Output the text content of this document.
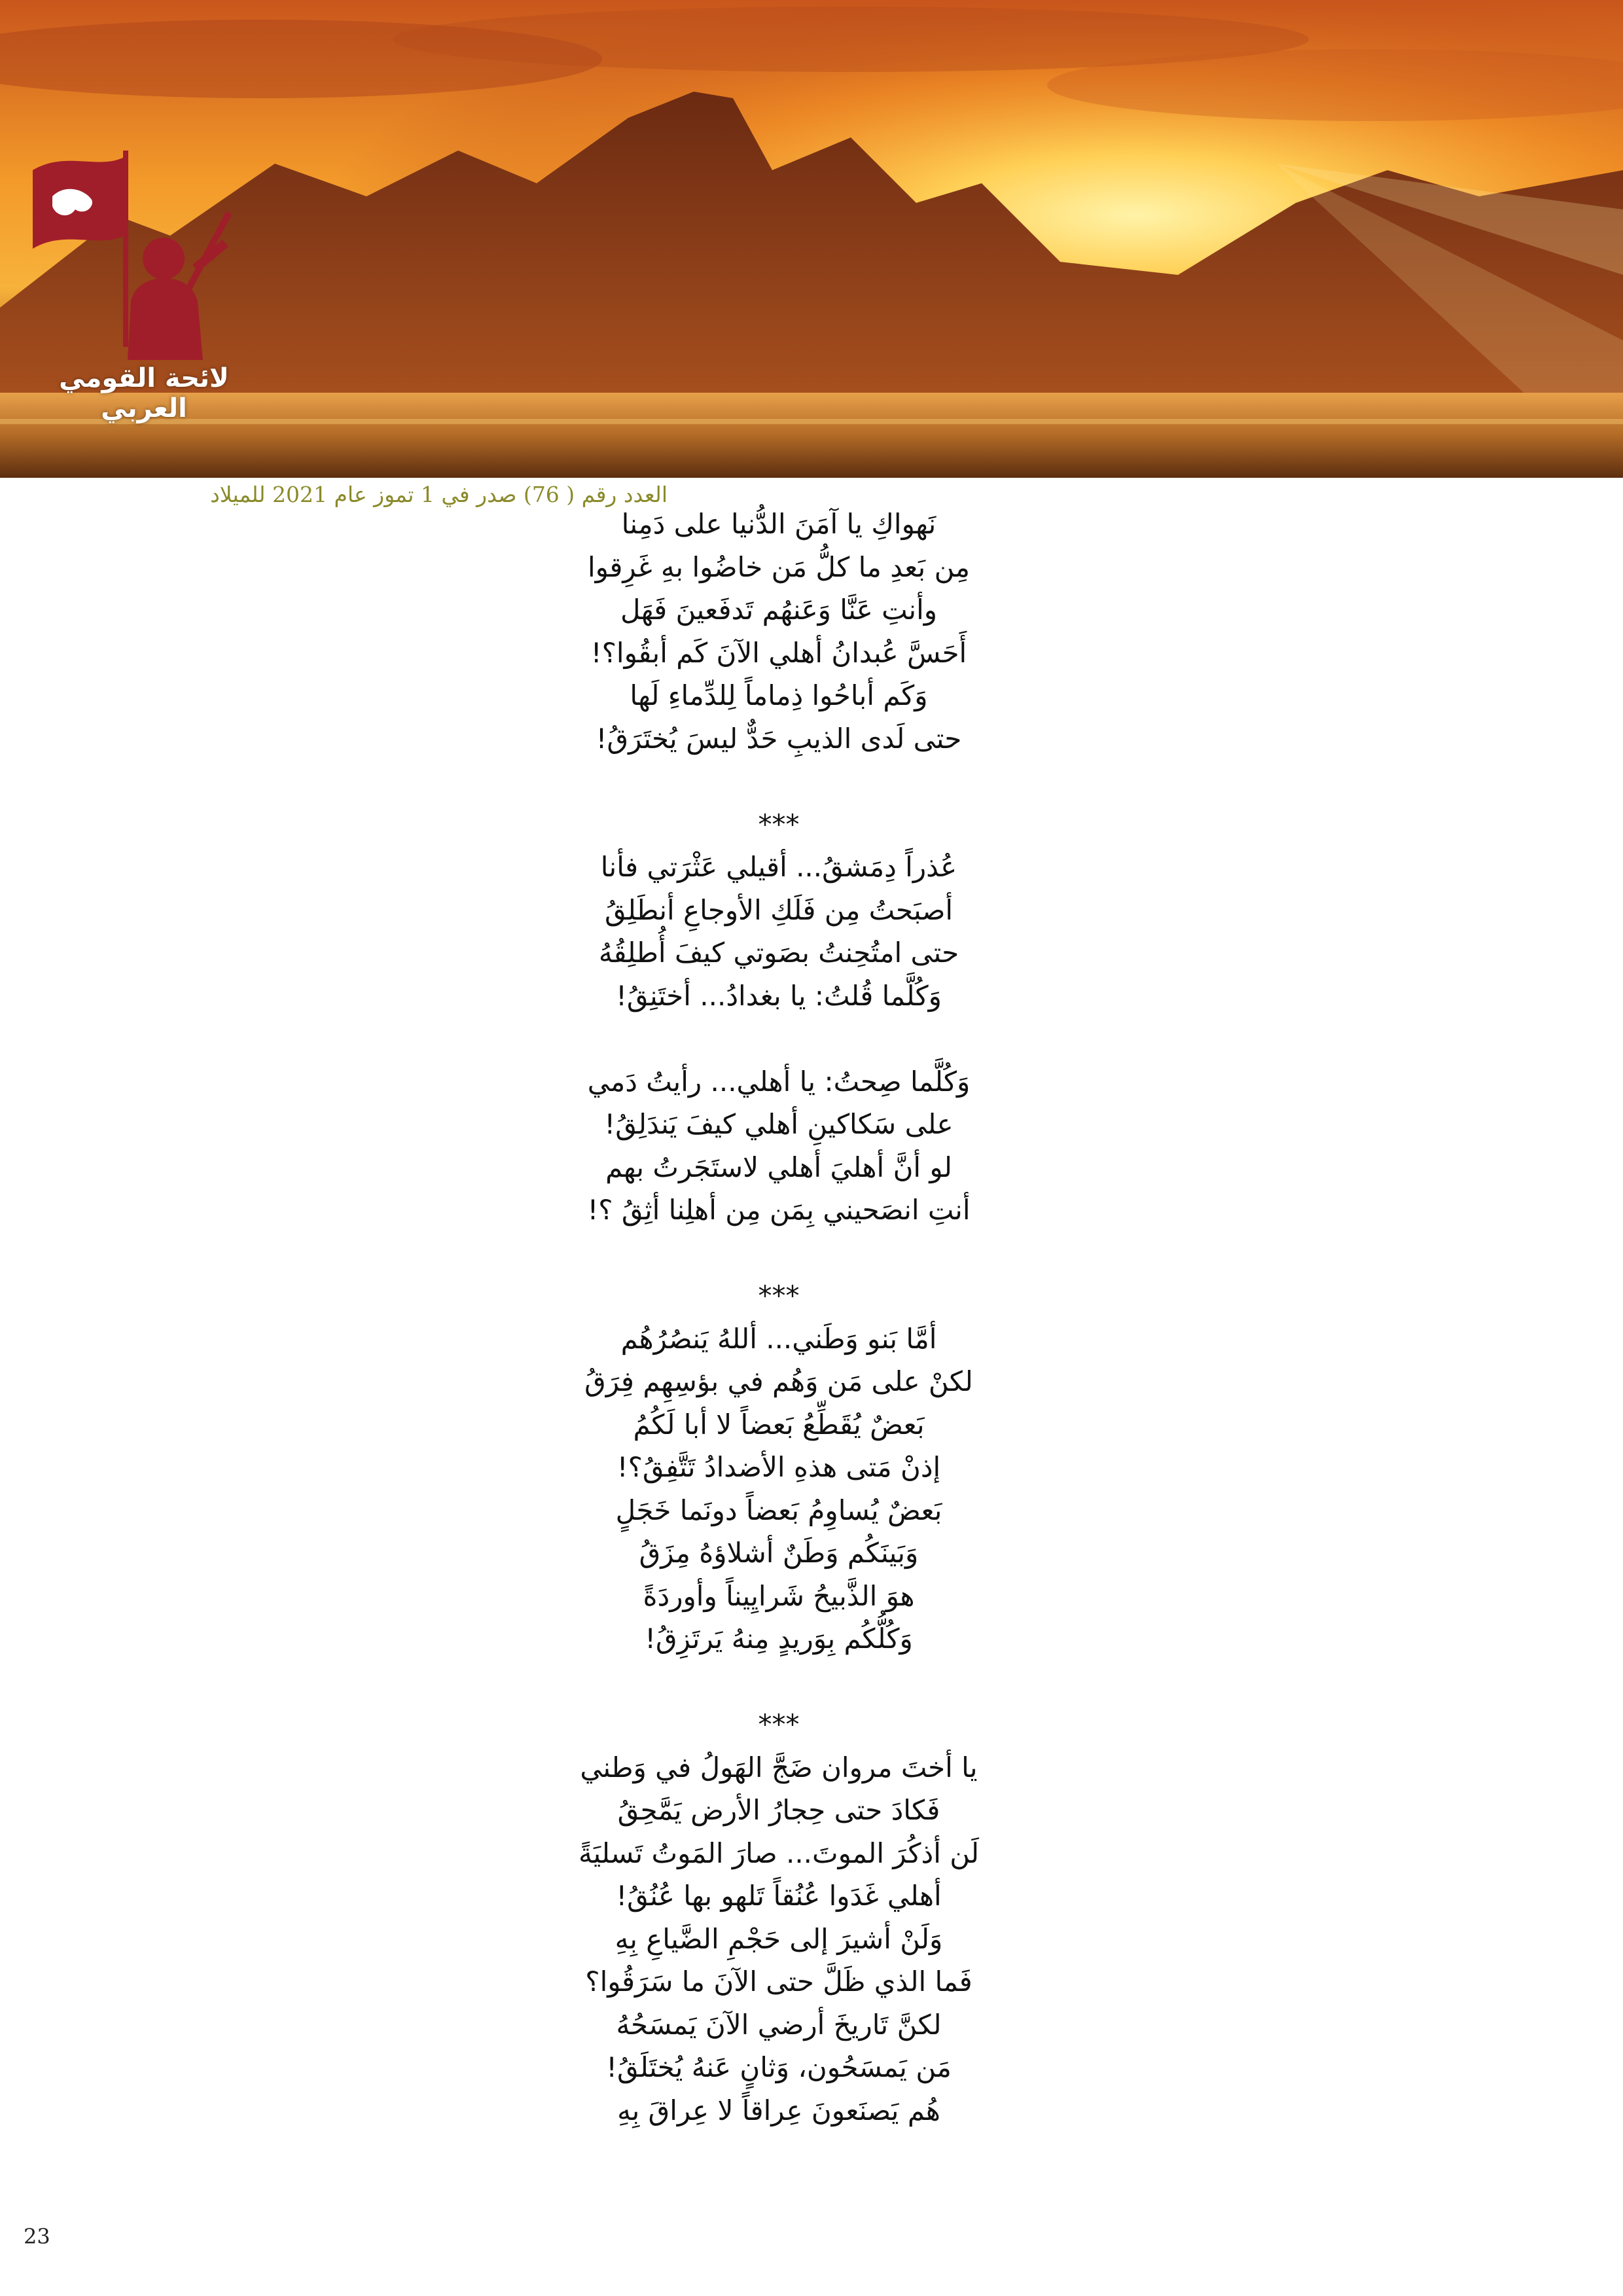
لائحة القومي العربي
العدد رقم ( 76) صدر في 1 تموز عام 2021 للميلاد
نَهواكِ يا آمَنَ الدُّنيا على دَمِنا
مِن بَعدِ ما كلُّ مَن خاضُوا بهِ غَرِقوا
وأنتِ عَنَّا وَعَنهُم تَدفَعينَ فَهَل
أَحَسَّ عُبدانُ أهلي الآنَ كَم أبقُوا؟!
وَكَم أباحُوا ذِماماً لِلدِّماءِ لَها
حتى لَدى الذيبِ حَدٌّ ليسَ يُختَرَقُ!
***
عُذراً دِمَشقُ... أقيلي عَثْرَتي فأنا
أصبَحتُ مِن فَلَكِ الأوجاعِ أنطَلِقُ
حتى امتُحِنتُ بصَوتي كيفَ أُطلِقُهُ
وَكُلَّما قُلتُ: يا بغدادُ... أختَنِقُ!
وَكُلَّما صِحتُ: يا أهلي... رأيتُ دَمي
على سَكاكينِ أهلي كيفَ يَندَلِقُ!
لو أنَّ أهليَ أهلي لاستَجَرتُ بهم
أنتِ انصَحيني بِمَن مِن أهلِنا أثِقُ ؟!
***
أمَّا بَنو وَطَني... أللهُ يَنصُرُهُم
لكنْ على مَن وَهُم في بؤسِهِم فِرَقُ
بَعضٌ يُقَطِّعُ بَعضاً لا أبا لَكُمُ
إذنْ مَتى هذهِ الأضدادُ تَتَّفِقُ؟!
بَعضٌ يُساوِمُ بَعضاً دونَما خَجَلٍ
وَبَينَكُم وَطَنٌ أشلاؤهُ مِزَقُ
هوَ الذَّبيحُ شَرايِيناً وأوردَةً
وَكُلُّكُم بِوَريدٍ مِنهُ يَرتَزِقُ!
***
يا أختَ مروان ضَجَّ الهَولُ في وَطني
فَكادَ حتى حِجارُ الأرض يَمَّحِقُ
لَن أذكُرَ الموتَ... صارَ المَوتُ تَسليَةً
أهلي غَدَوا عُنُقاً تَلهو بها عُنُقُ!
وَلَنْ أشيرَ إلى حَجْمِ الضَّياعِ بِهِ
فَما الذي ظَلَّ حتى الآنَ ما سَرَقُوا؟
لكنَّ تَاريخَ أرضي الآنَ يَمسَحُهُ
مَن يَمسَحُون، وَثانٍ عَنهُ يُختَلَقُ!
هُم يَصنَعونَ عِراقاً لا عِراقَ بِهِ
23
